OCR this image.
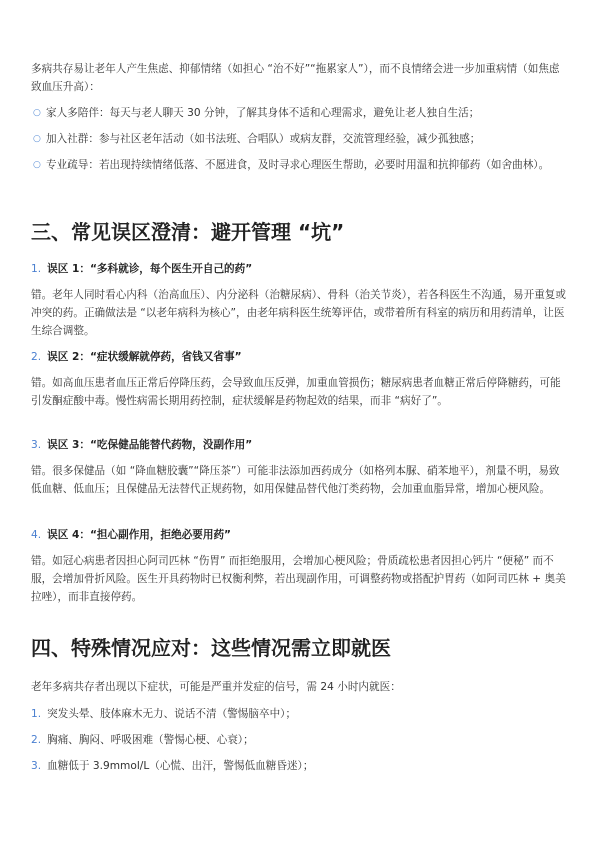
多病共存易让老年人产生焦虑、抑郁情绪（如担心 “治不好”“拖累家人”），而不良情绪会进一步加重病情（如焦虑致血压升高）：

○ 家人多陪伴：每天与老人聊天 30 分钟，了解其身体不适和心理需求，避免让老人独自生活；
○ 加入社群：参与社区老年活动（如书法班、合唱队）或病友群，交流管理经验，减少孤独感；
○ 专业疏导：若出现持续情绪低落、不愿进食，及时寻求心理医生帮助，必要时用温和抗抑郁药（如舍曲林）。
三、常见误区澄清：避开管理 “坑”
1. 误区 1：“多科就诊，每个医生开自己的药”

错。老年人同时看心内科（治高血压）、内分泌科（治糖尿病）、骨科（治关节炎），若各科医生不沟通，易开重复或冲突的药。正确做法是 “以老年病科为核心”，由老年病科医生统筹评估，或带着所有科室的病历和用药清单，让医生综合调整。

2. 误区 2：“症状缓解就停药，省钱又省事”

错。如高血压患者血压正常后停降压药，会导致血压反弹，加重血管损伤；糖尿病患者血糖正常后停降糖药，可能引发酮症酸中毒。慢性病需长期用药控制，症状缓解是药物起效的结果，而非 “病好了”。

3. 误区 3：“吃保健品能替代药物，没副作用”

错。很多保健品（如 “降血糖胶囊”“降压茶”）可能非法添加西药成分（如格列本脲、硝苯地平），剂量不明，易致低血糖、低血压；且保健品无法替代正规药物，如用保健品替代他汀类药物，会加重血脂异常，增加心梗风险。

4. 误区 4：“担心副作用，拒绝必要用药”

错。如冠心病患者因担心阿司匹林 “伤胃” 而拒绝服用，会增加心梗风险；骨质疏松患者因担心钙片 “便秘” 而不服，会增加骨折风险。医生开具药物时已权衡利弊，若出现副作用，可调整药物或搭配护胃药（如阿司匹林 + 奥美拉唑），而非直接停药。

四、特殊情况应对：这些情况需立即就医

老年多病共存者出现以下症状，可能是严重并发症的信号，需 24 小时内就医：

1. 突发头晕、肢体麻木无力、说话不清（警惕脑卒中）；
2. 胸痛、胸闷、呼吸困难（警惕心梗、心衰）；
3. 血糖低于 3.9mmol/L（心慌、出汗，警惕低血糖昏迷）；
